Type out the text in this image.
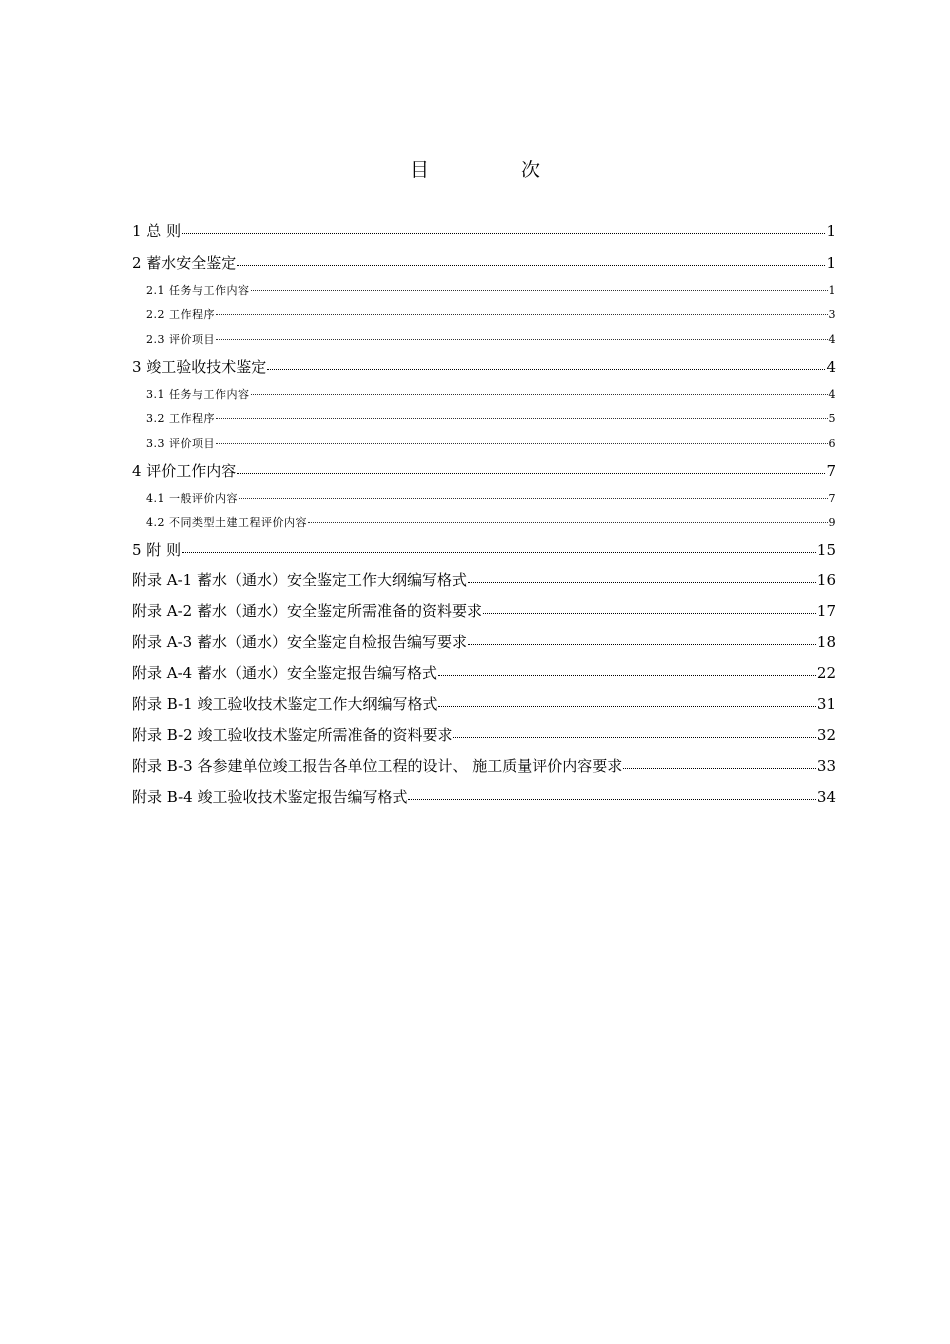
目	次
1 总 则	1
2 蓄水安全鉴定	1
2.1 任务与工作内容	1
2.2 工作程序	3
2.3 评价项目	4
3 竣工验收技术鉴定	4
3.1 任务与工作内容	4
3.2 工作程序	5
3.3 评价项目	6
4 评价工作内容	7
4.1 一般评价内容	7
4.2 不同类型土建工程评价内容	9
5 附 则	15
附录 A-1 蓄水（通水）安全鉴定工作大纲编写格式	16
附录 A-2 蓄水（通水）安全鉴定所需准备的资料要求	17
附录 A-3 蓄水（通水）安全鉴定自检报告编写要求	18
附录 A-4 蓄水（通水）安全鉴定报告编写格式	22
附录 B-1 竣工验收技术鉴定工作大纲编写格式	31
附录 B-2 竣工验收技术鉴定所需准备的资料要求	32
附录 B-3 各参建单位竣工报告各单位工程的设计、 施工质量评价内容要求	33
附录 B-4 竣工验收技术鉴定报告编写格式	34
